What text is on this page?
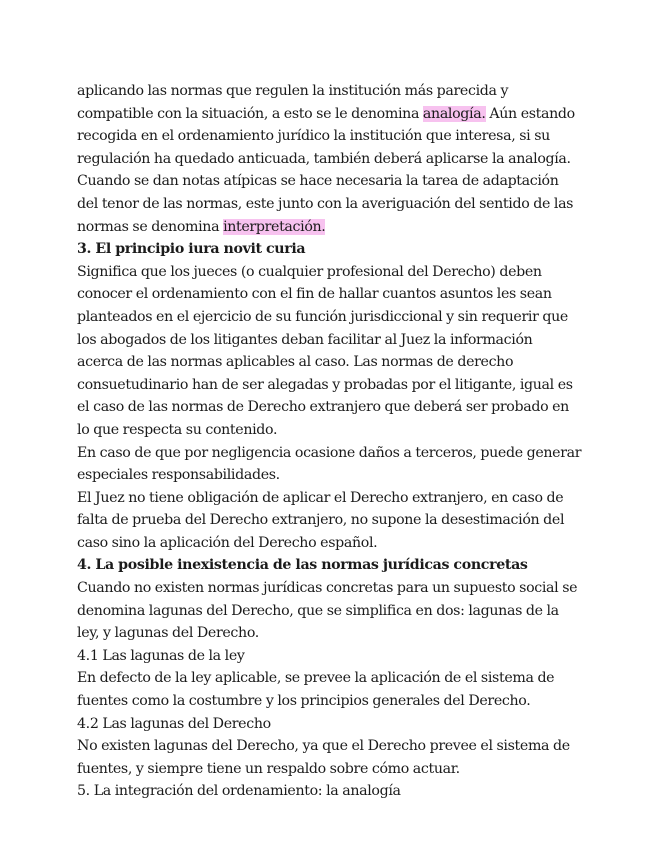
aplicando las normas que regulen la institución más parecida y compatible con la situación, a esto se le denomina analogía. Aún estando recogida en el ordenamiento jurídico la institución que interesa, si su regulación ha quedado anticuada, también deberá aplicarse la analogía. Cuando se dan notas atípicas se hace necesaria la tarea de adaptación del tenor de las normas, este junto con la averiguación del sentido de las normas se denomina interpretación.

3. El principio iura novit curia

Significa que los jueces (o cualquier profesional del Derecho) deben conocer el ordenamiento con el fin de hallar cuantos asuntos les sean planteados en el ejercicio de su función jurisdiccional y sin requerir que los abogados de los litigantes deban facilitar al Juez la información acerca de las normas aplicables al caso. Las normas de derecho consuetudinario han de ser alegadas y probadas por el litigante, igual es el caso de las normas de Derecho extranjero que deberá ser probado en lo que respecta su contenido.

En caso de que por negligencia ocasione daños a terceros, puede generar especiales responsabilidades.

El Juez no tiene obligación de aplicar el Derecho extranjero, en caso de falta de prueba del Derecho extranjero, no supone la desestimación del caso sino la aplicación del Derecho español.

4. La posible inexistencia de las normas jurídicas concretas

Cuando no existen normas jurídicas concretas para un supuesto social se denomina lagunas del Derecho, que se simplifica en dos: lagunas de la ley, y lagunas del Derecho.

4.1 Las lagunas de la ley

En defecto de la ley aplicable, se prevee la aplicación de el sistema de fuentes como la costumbre y los principios generales del Derecho.

4.2 Las lagunas del Derecho

No existen lagunas del Derecho, ya que el Derecho prevee el sistema de fuentes, y siempre tiene un respaldo sobre cómo actuar.

5. La integración del ordenamiento: la analogía
